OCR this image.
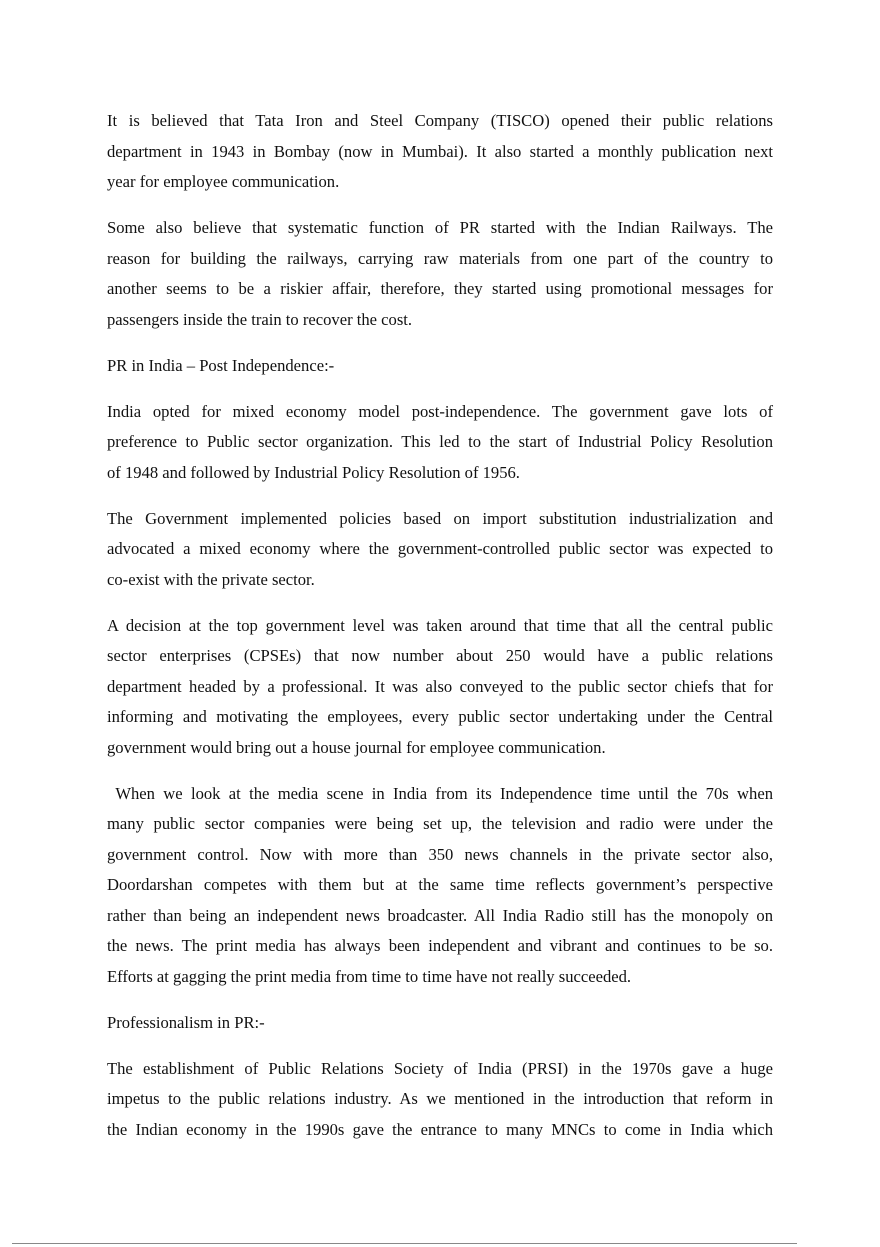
It is believed that Tata Iron and Steel Company (TISCO) opened their public relations
department in 1943 in Bombay (now in Mumbai). It also started a monthly publication next
year for employee communication.

Some also believe that systematic function of PR started with the Indian Railways. The
reason for building the railways, carrying raw materials from one part of the country to
another seems to be a riskier affair, therefore, they started using promotional messages for
passengers inside the train to recover the cost.

PR in India – Post Independence:-

India opted for mixed economy model post-independence. The government gave lots of
preference to Public sector organization. This led to the start of Industrial Policy Resolution
of 1948 and followed by Industrial Policy Resolution of 1956.

The Government implemented policies based on import substitution industrialization and
advocated a mixed economy where the government-controlled public sector was expected to
co-exist with the private sector.

A decision at the top government level was taken around that time that all the central public
sector enterprises (CPSEs) that now number about 250 would have a public relations
department headed by a professional. It was also conveyed to the public sector chiefs that for
informing and motivating the employees, every public sector undertaking under the Central
government would bring out a house journal for employee communication.

When we look at the media scene in India from its Independence time until the 70s when
many public sector companies were being set up, the television and radio were under the
government control. Now with more than 350 news channels in the private sector also,
Doordarshan competes with them but at the same time reflects government’s perspective
rather than being an independent news broadcaster. All India Radio still has the monopoly on
the news. The print media has always been independent and vibrant and continues to be so.
Efforts at gagging the print media from time to time have not really succeeded.

Professionalism in PR:-

The establishment of Public Relations Society of India (PRSI) in the 1970s gave a huge
impetus to the public relations industry. As we mentioned in the introduction that reform in
the Indian economy in the 1990s gave the entrance to many MNCs to come in India which
